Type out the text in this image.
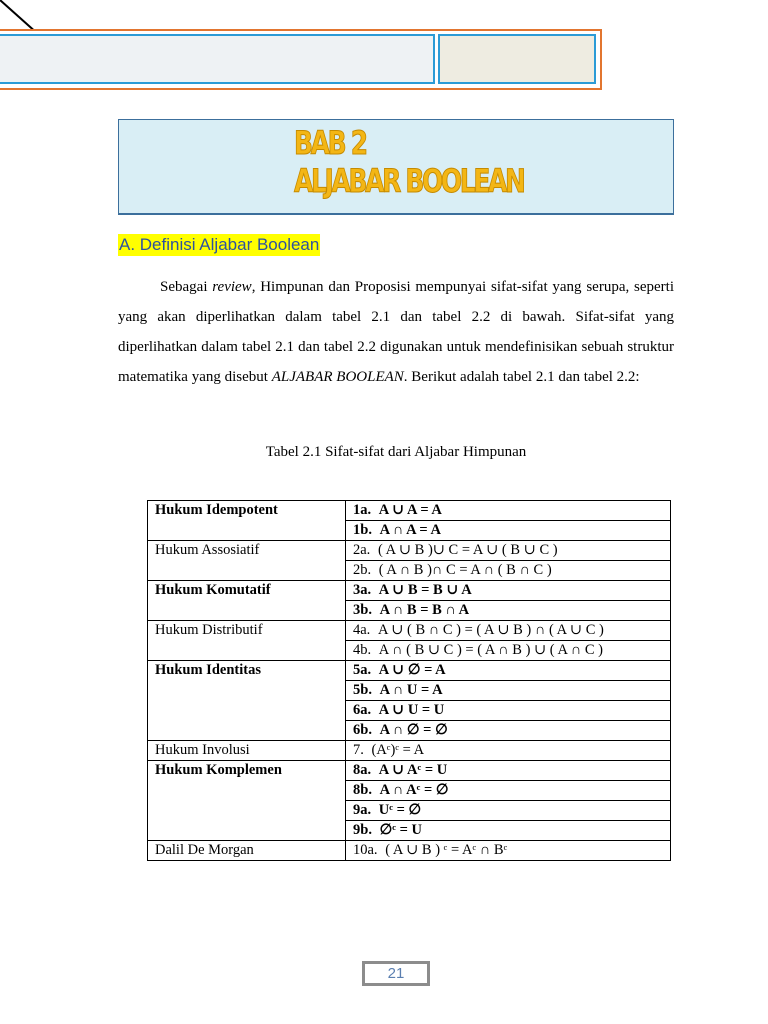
BAB 2
ALJABAR BOOLEAN
A. Definisi Aljabar Boolean

Sebagai review, Himpunan dan Proposisi mempunyai sifat-sifat yang serupa, seperti yang akan diperlihatkan dalam tabel 2.1 dan tabel 2.2 di bawah. Sifat-sifat yang diperlihatkan dalam tabel 2.1 dan tabel 2.2 digunakan untuk mendefinisikan sebuah struktur matematika yang disebut ALJABAR BOOLEAN. Berikut adalah tabel 2.1 dan tabel 2.2:

Tabel 2.1 Sifat-sifat dari Aljabar Himpunan
Hukum Idempotent	1a. A ∪ A = A
	1b. A ∩ A = A
Hukum Assosiatif	2a. ( A ∪ B )∪ C = A ∪ ( B ∪ C )
	2b. ( A ∩ B )∩ C = A ∩ ( B ∩ C )
Hukum Komutatif	3a. A ∪ B = B ∪ A
	3b. A ∩ B = B ∩ A
Hukum Distributif	4a. A ∪ ( B ∩ C ) = ( A ∪ B ) ∩ ( A ∪ C )
	4b. A ∩ ( B ∪ C ) = ( A ∩ B ) ∪ ( A ∩ C )
Hukum Identitas	5a. A ∪ ∅ = A
	5b. A ∩ U = A
	6a. A ∪ U = U
	6b. A ∩ ∅ = ∅
Hukum Involusi	7. (Aᶜ)ᶜ = A
Hukum Komplemen	8a. A ∪ Aᶜ = U
	8b. A ∩ Aᶜ = ∅
	9a. Uᶜ = ∅
	9b. ∅ᶜ = U
Dalil De Morgan	10a. ( A ∪ B ) ᶜ = Aᶜ ∩ Bᶜ
21
